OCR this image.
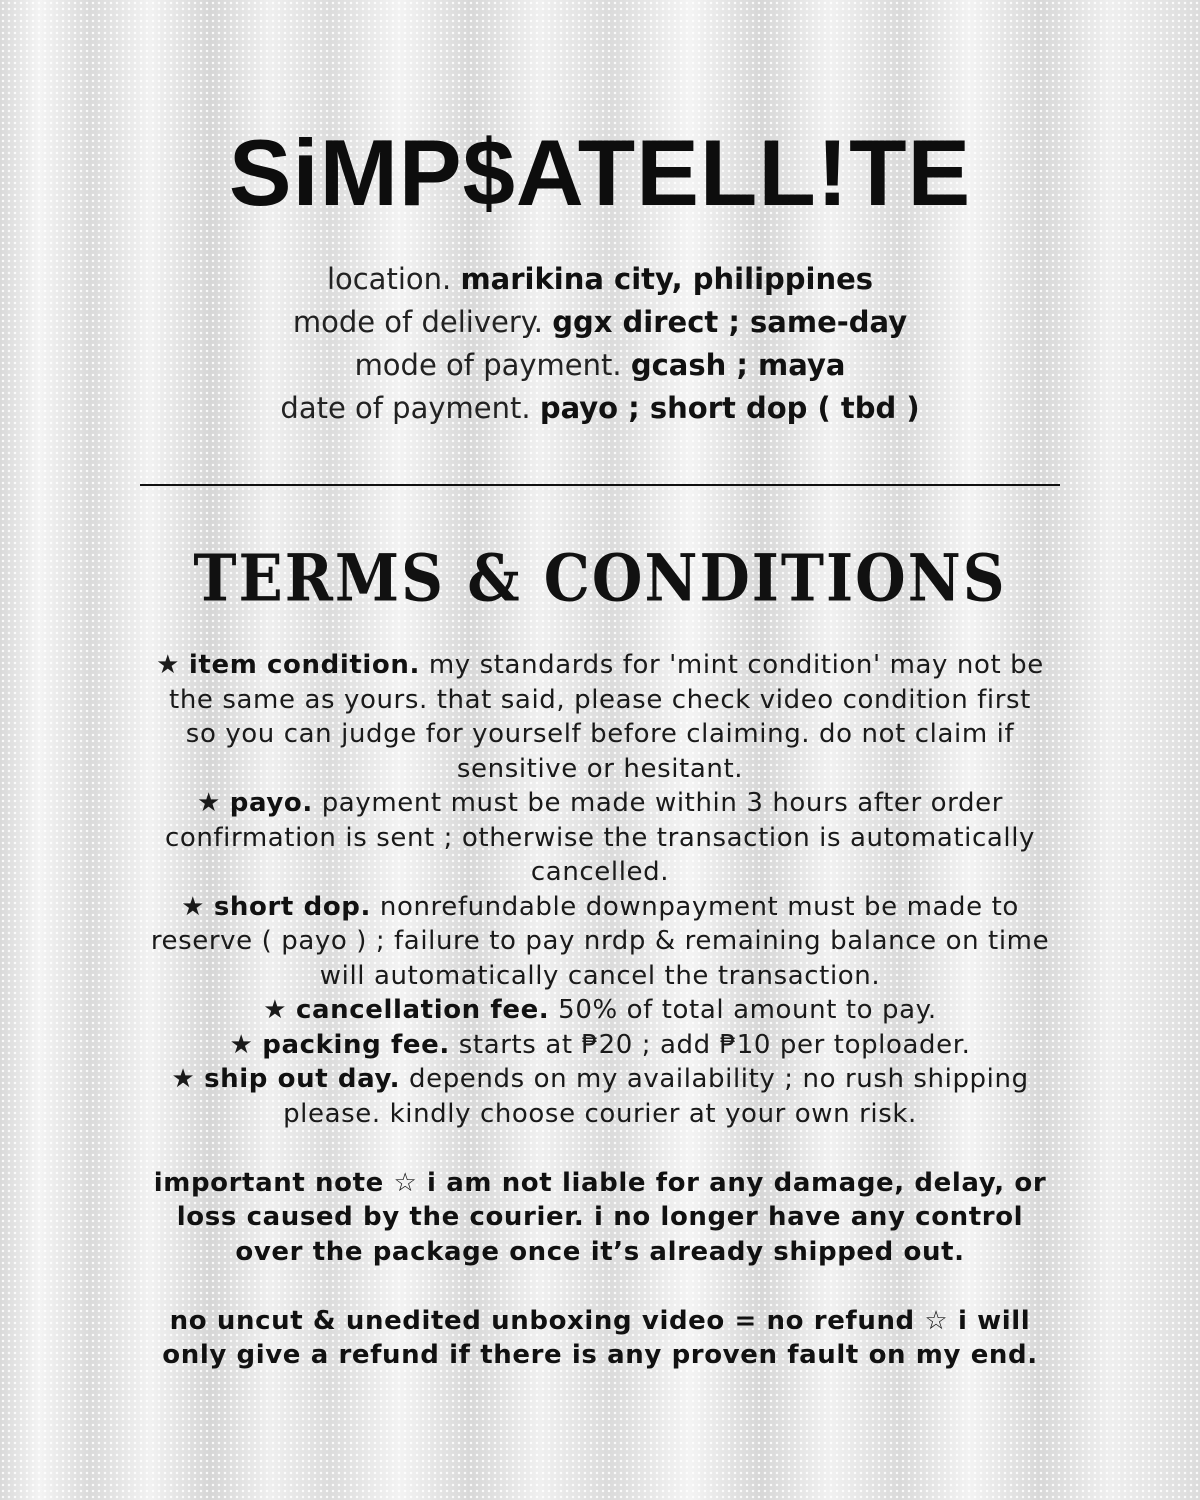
SiMP$ATELL!TE
location. marikina city, philippines
mode of delivery. ggx direct ; same-day
mode of payment. gcash ; maya
date of payment. payo ; short dop ( tbd )
TERMS & CONDITIONS

★ item condition. my standards for 'mint condition' may not be the same as yours. that said, please check video condition first so you can judge for yourself before claiming. do not claim if sensitive or hesitant.

★ payo. payment must be made within 3 hours after order confirmation is sent ; otherwise the transaction is automatically cancelled.

★ short dop. nonrefundable downpayment must be made to reserve ( payo ) ; failure to pay nrdp & remaining balance on time will automatically cancel the transaction.

★ cancellation fee. 50% of total amount to pay.

★ packing fee. starts at ₱20 ; add ₱10 per toploader.

★ ship out day. depends on my availability ; no rush shipping please. kindly choose courier at your own risk.

important note ☆ i am not liable for any damage, delay, or loss caused by the courier. i no longer have any control over the package once it’s already shipped out.

no uncut & unedited unboxing video = no refund ☆ i will only give a refund if there is any proven fault on my end.
